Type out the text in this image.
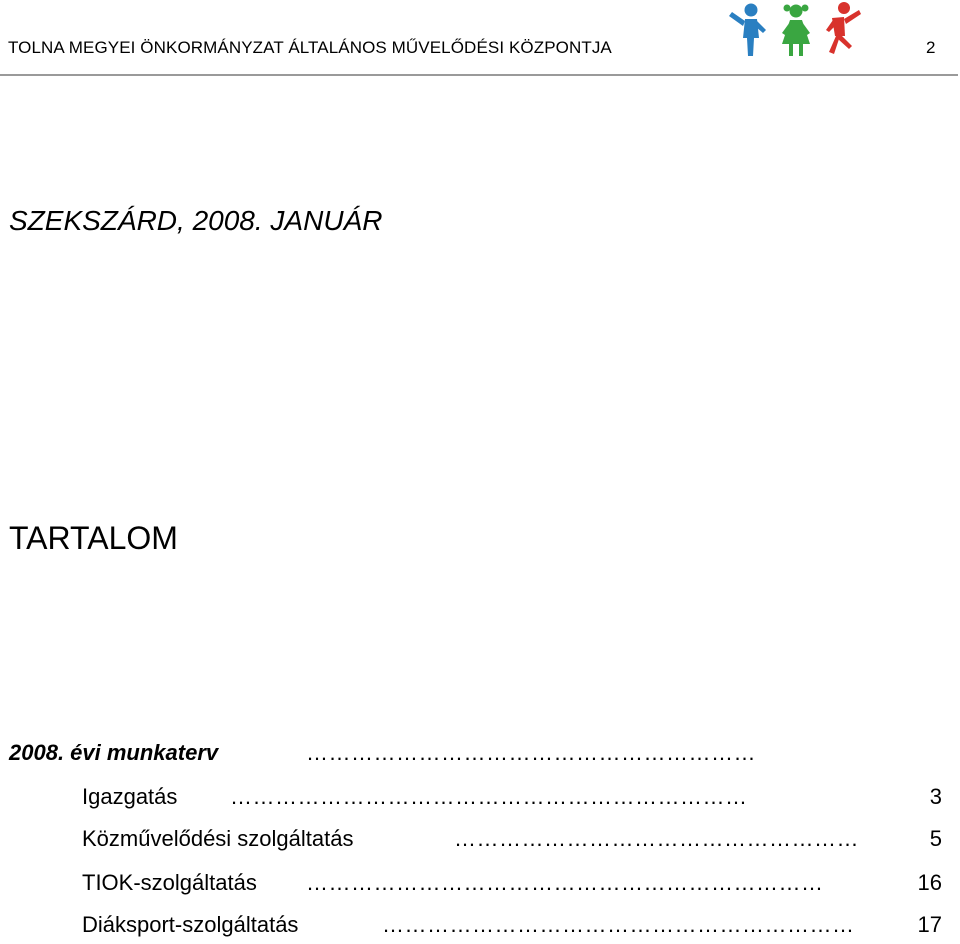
TOLNA MEGYEI ÖNKORMÁNYZAT ÁLTALÁNOS MŰVELŐDÉSI KÖZPONTJA	2
SZEKSZÁRD, 2008. JANUÁR
TARTALOM
2008. évi munkaterv	……………………………………………………
Igazgatás ……………………………………………………………	3
Közművelődési szolgáltatás	………………………………………………	5
TIOK-szolgáltatás ……………………………………………………………	16
Diáksport-szolgáltatás	………………………………………………………	17
